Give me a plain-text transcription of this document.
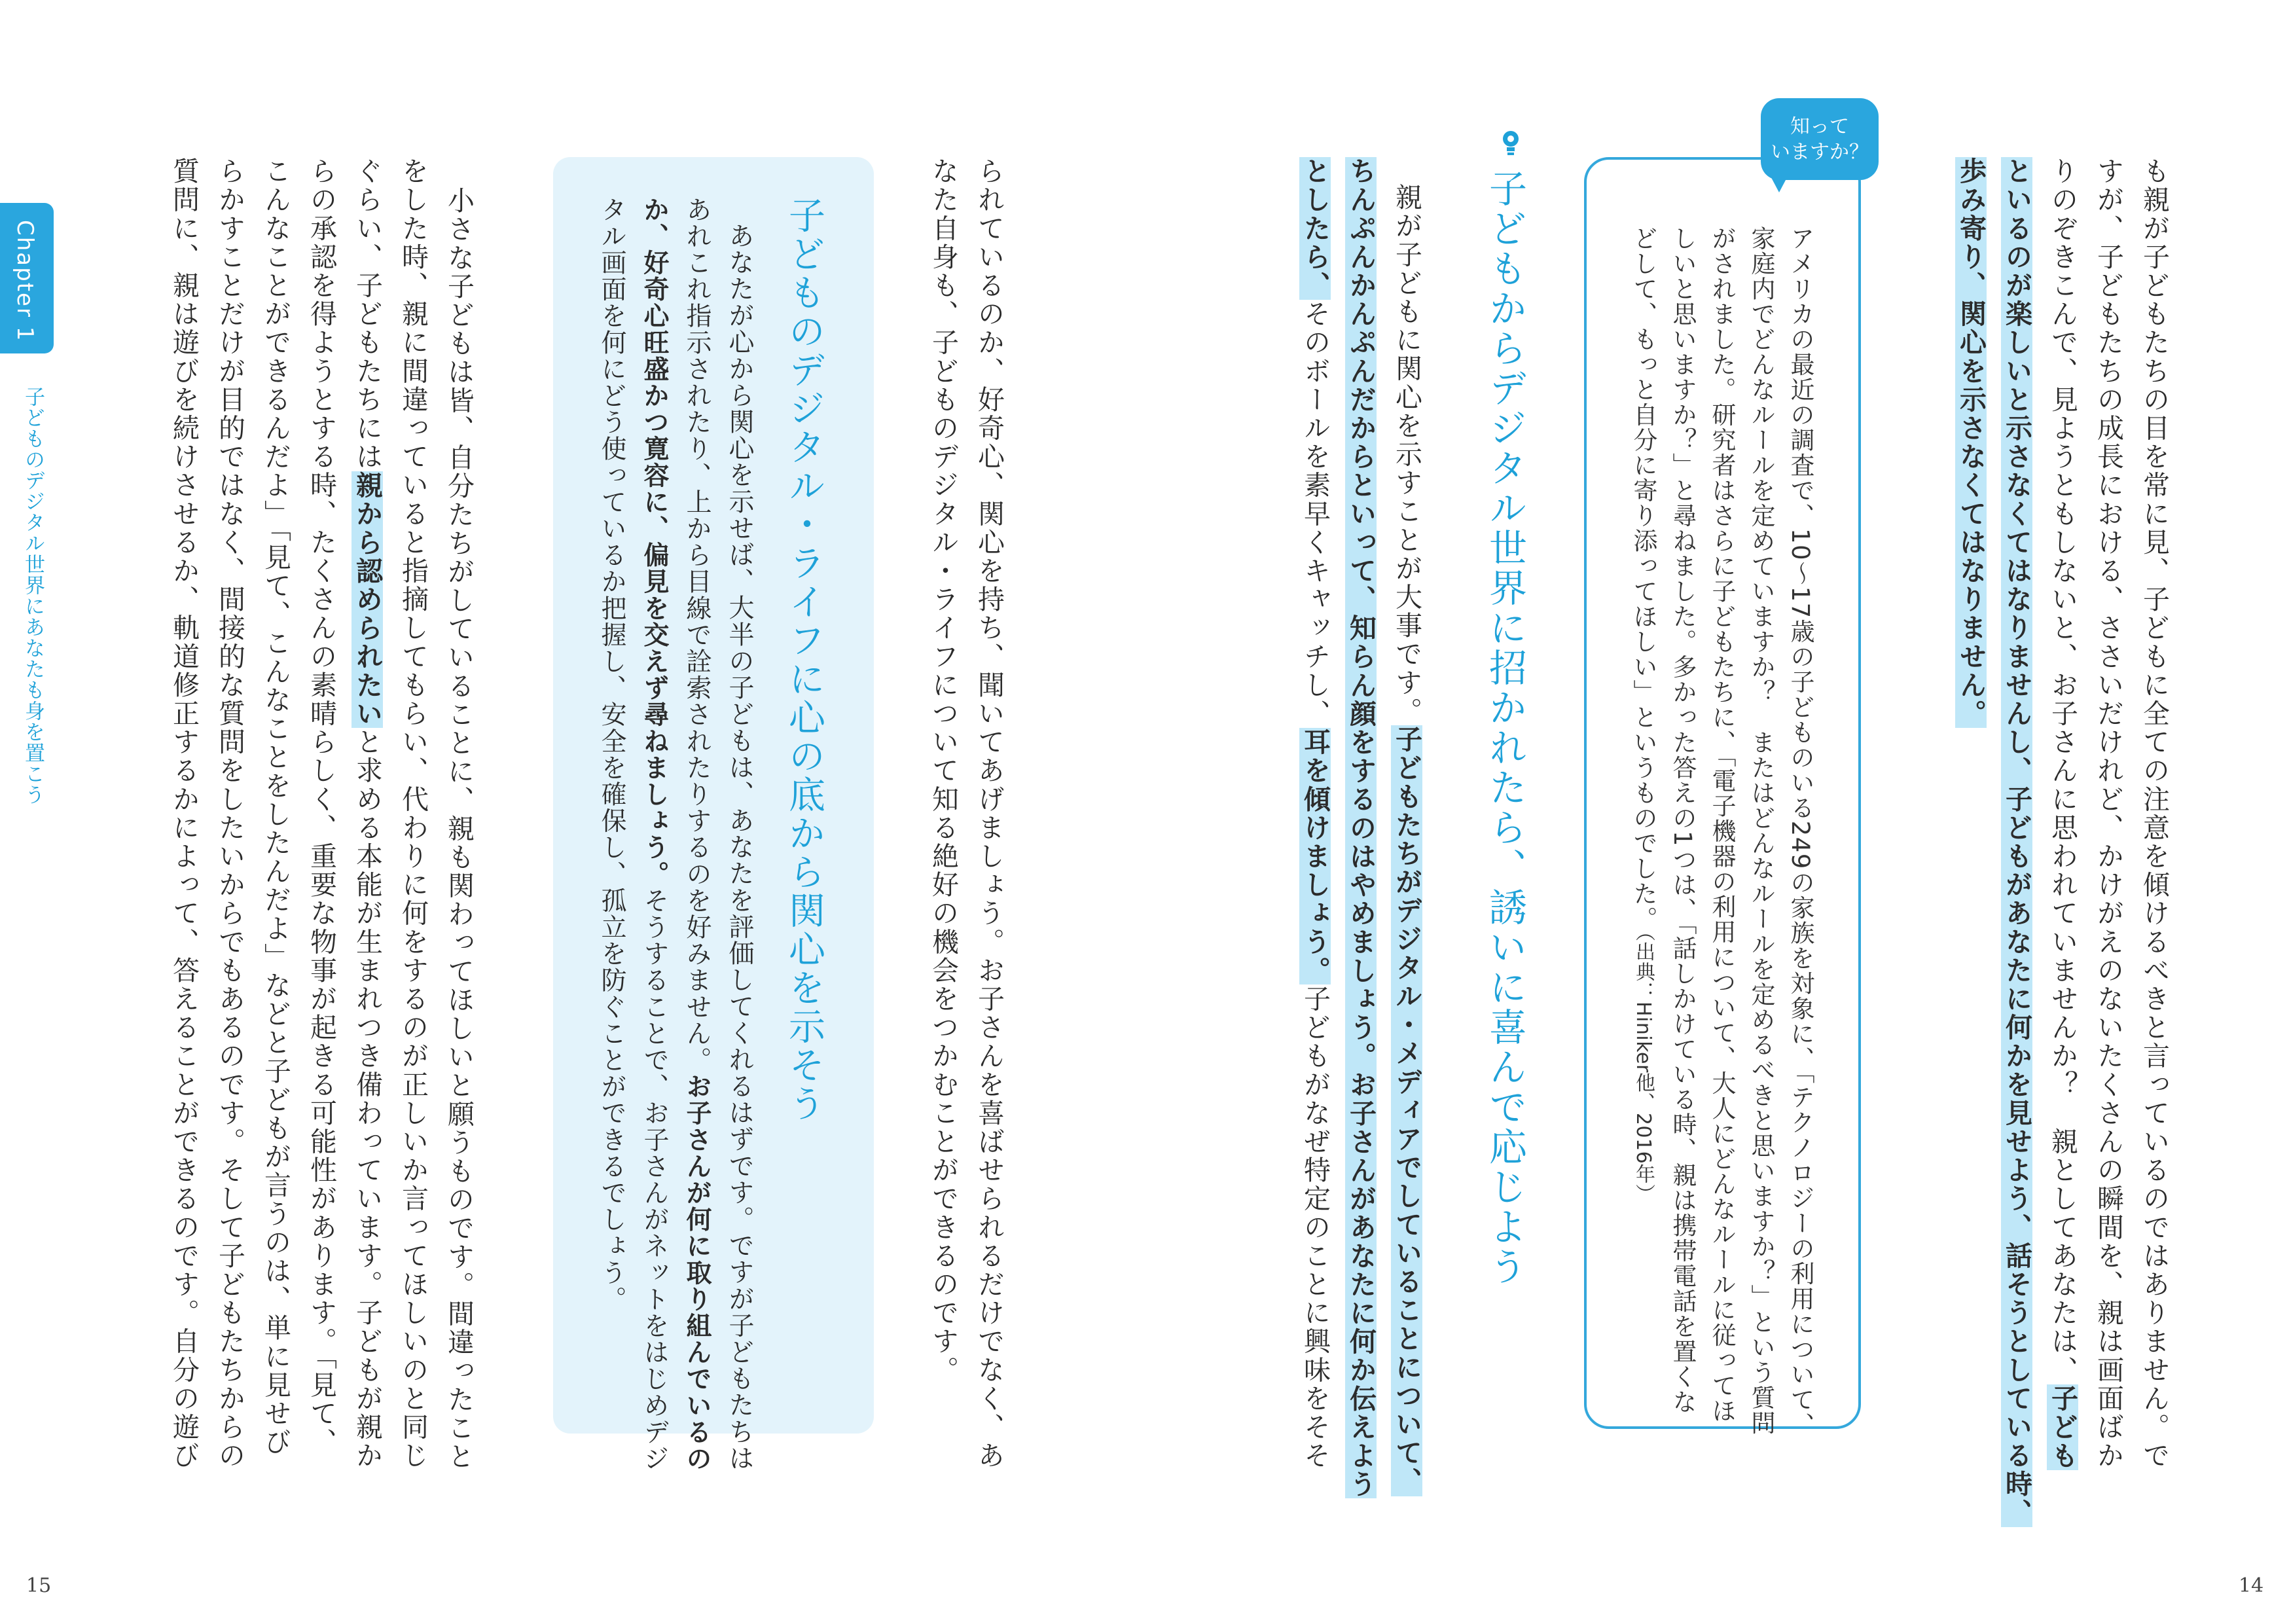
も親が子どもたちの目を常に見、子どもに全ての注意を傾けるべきと言っているのではありません。で
すが、子どもたちの成長における、ささいだけれど、かけがえのないたくさんの瞬間を、親は画面ばか
りのぞきこんで、見ようともしないと、お子さんに思われていませんか？　親としてあなたは、子ども
といるのが楽しいと示さなくてはなりませんし、子どもがあなたに何かを見せよう、話そうとしている時、
歩み寄り、関心を示さなくてはなりません。
知って
いますか？
アメリカの最近の調査で、10～17歳の子どものいる249の家族を対象に、「テクノロジーの利用について、
家庭内でどんなルールを定めていますか？　またはどんなルールを定めるべきと思いますか？」という質問
がされました。研究者はさらに子どもたちに、「電子機器の利用について、大人にどんなルールに従ってほ
しいと思いますか？」と尋ねました。多かった答えの1つは、「話しかけている時、親は携帯電話を置くな
どして、もっと自分に寄り添ってほしい」というものでした。（出典：Hiniker他、2016年）
子どもからデジタル世界に招かれたら、誘いに喜んで応じよう
親が子どもに関心を示すことが大事です。子どもたちがデジタル・メディアでしていることについて、
ちんぷんかんぷんだからといって、知らん顔をするのはやめましょう。お子さんがあなたに何か伝えよう
としたら、そのボールを素早くキャッチし、耳を傾けましょう。子どもがなぜ特定のことに興味をそそ
14
られているのか、好奇心、関心を持ち、聞いてあげましょう。お子さんを喜ばせられるだけでなく、あ
なた自身も、子どものデジタル・ライフについて知る絶好の機会をつかむことができるのです。
子どものデジタル・ライフに心の底から関心を示そう
あなたが心から関心を示せば、大半の子どもは、あなたを評価してくれるはずです。ですが子どもたちは
あれこれ指示されたり、上から目線で詮索されたりするのを好みません。お子さんが何に取り組んでいるの
か、好奇心旺盛かつ寛容に、偏見を交えず尋ねましょう。そうすることで、お子さんがネットをはじめデジ
タル画面を何にどう使っているか把握し、安全を確保し、孤立を防ぐことができるでしょう。
小さな子どもは皆、自分たちがしていることに、親も関わってほしいと願うものです。間違ったこと
をした時、親に間違っていると指摘してもらい、代わりに何をするのが正しいか言ってほしいのと同じ
ぐらい、子どもたちには親から認められたいと求める本能が生まれつき備わっています。子どもが親か
らの承認を得ようとする時、たくさんの素晴らしく、重要な物事が起きる可能性があります。「見て、
こんなことができるんだよ」「見て、こんなことをしたんだよ」などと子どもが言うのは、単に見せび
らかすことだけが目的ではなく、間接的な質問をしたいからでもあるのです。そして子どもたちからの
質問に、親は遊びを続けさせるか、軌道修正するかによって、答えることができるのです。自分の遊び
Chapter 1
子どものデジタル世界にあなたも身を置こう
15
